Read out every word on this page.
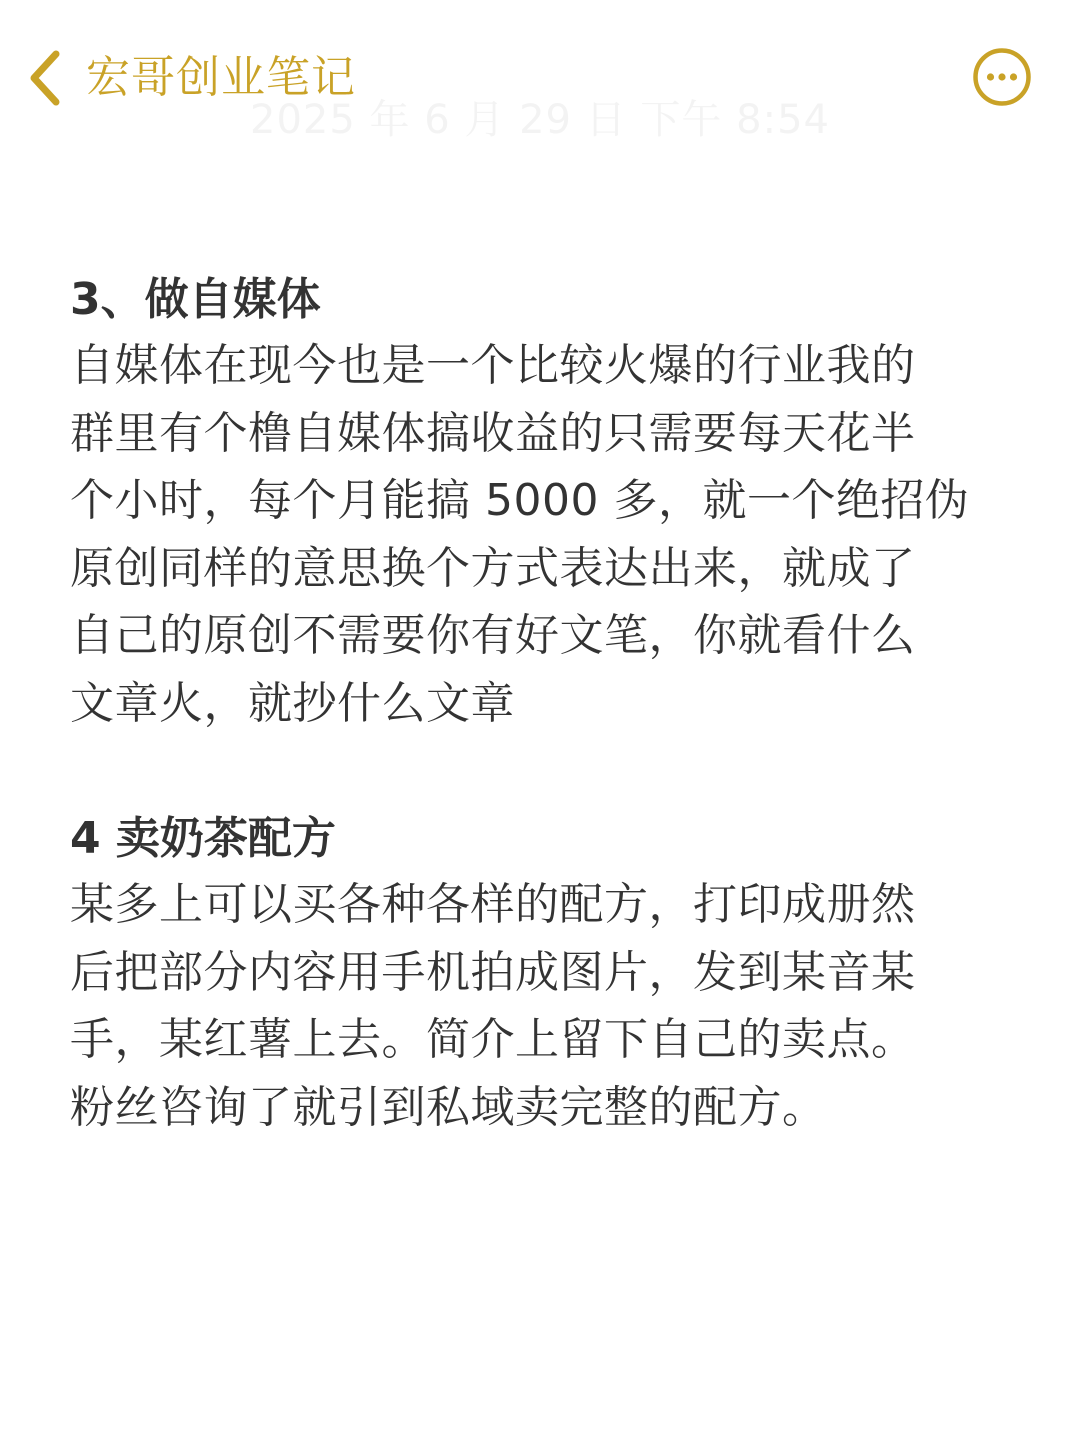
宏哥创业笔记
2025 年 6 月 29 日 下午 8:54

3、做自媒体

自媒体在现今也是一个比较火爆的行业我的

群里有个橹自媒体搞收益的只需要每天花半

个小时，每个月能搞 5000 多，就一个绝招伪

原创同样的意思换个方式表达出来，就成了

自己的原创不需要你有好文笔，你就看什么

文章火，就抄什么文章

4 卖奶茶配方

某多上可以买各种各样的配方，打印成册然

后把部分内容用手机拍成图片，发到某音某

手，某红薯上去。简介上留下自己的卖点。

粉丝咨询了就引到私域卖完整的配方。
